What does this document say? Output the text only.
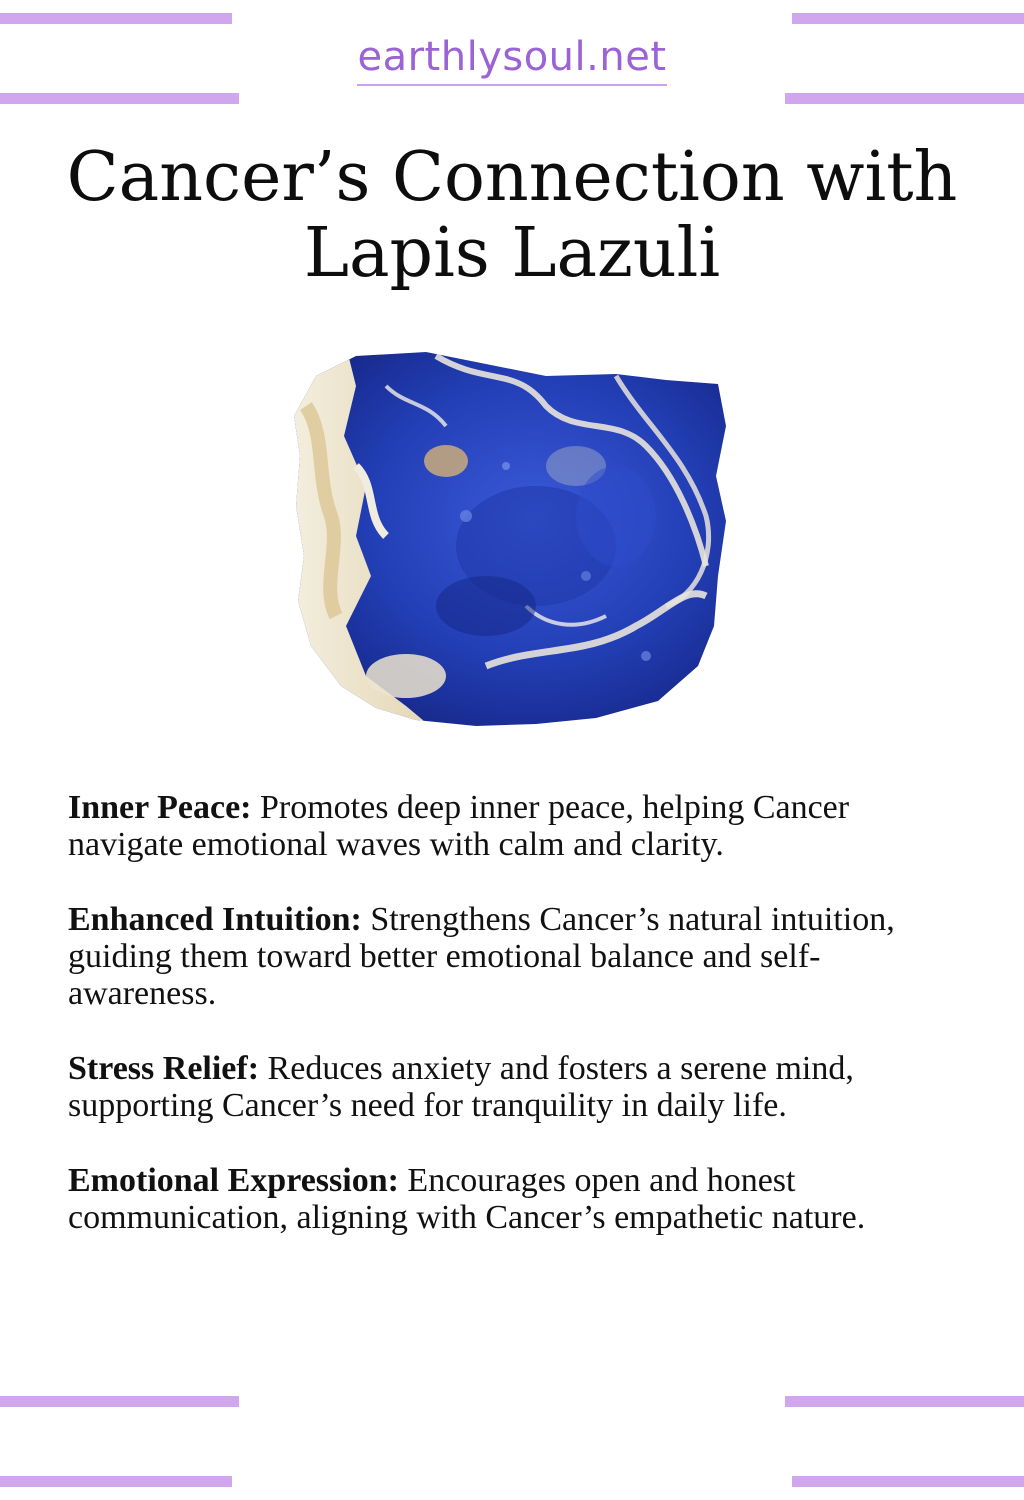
earthlysoul.net
Cancer’s Connection with
Lapis Lazuli

Inner Peace: Promotes deep inner peace, helping Cancer navigate emotional waves with calm and clarity.

Enhanced Intuition: Strengthens Cancer’s natural intuition, guiding them toward better emotional balance and self-awareness.

Stress Relief: Reduces anxiety and fosters a serene mind, supporting Cancer’s need for tranquility in daily life.

Emotional Expression: Encourages open and honest communication, aligning with Cancer’s empathetic nature.
